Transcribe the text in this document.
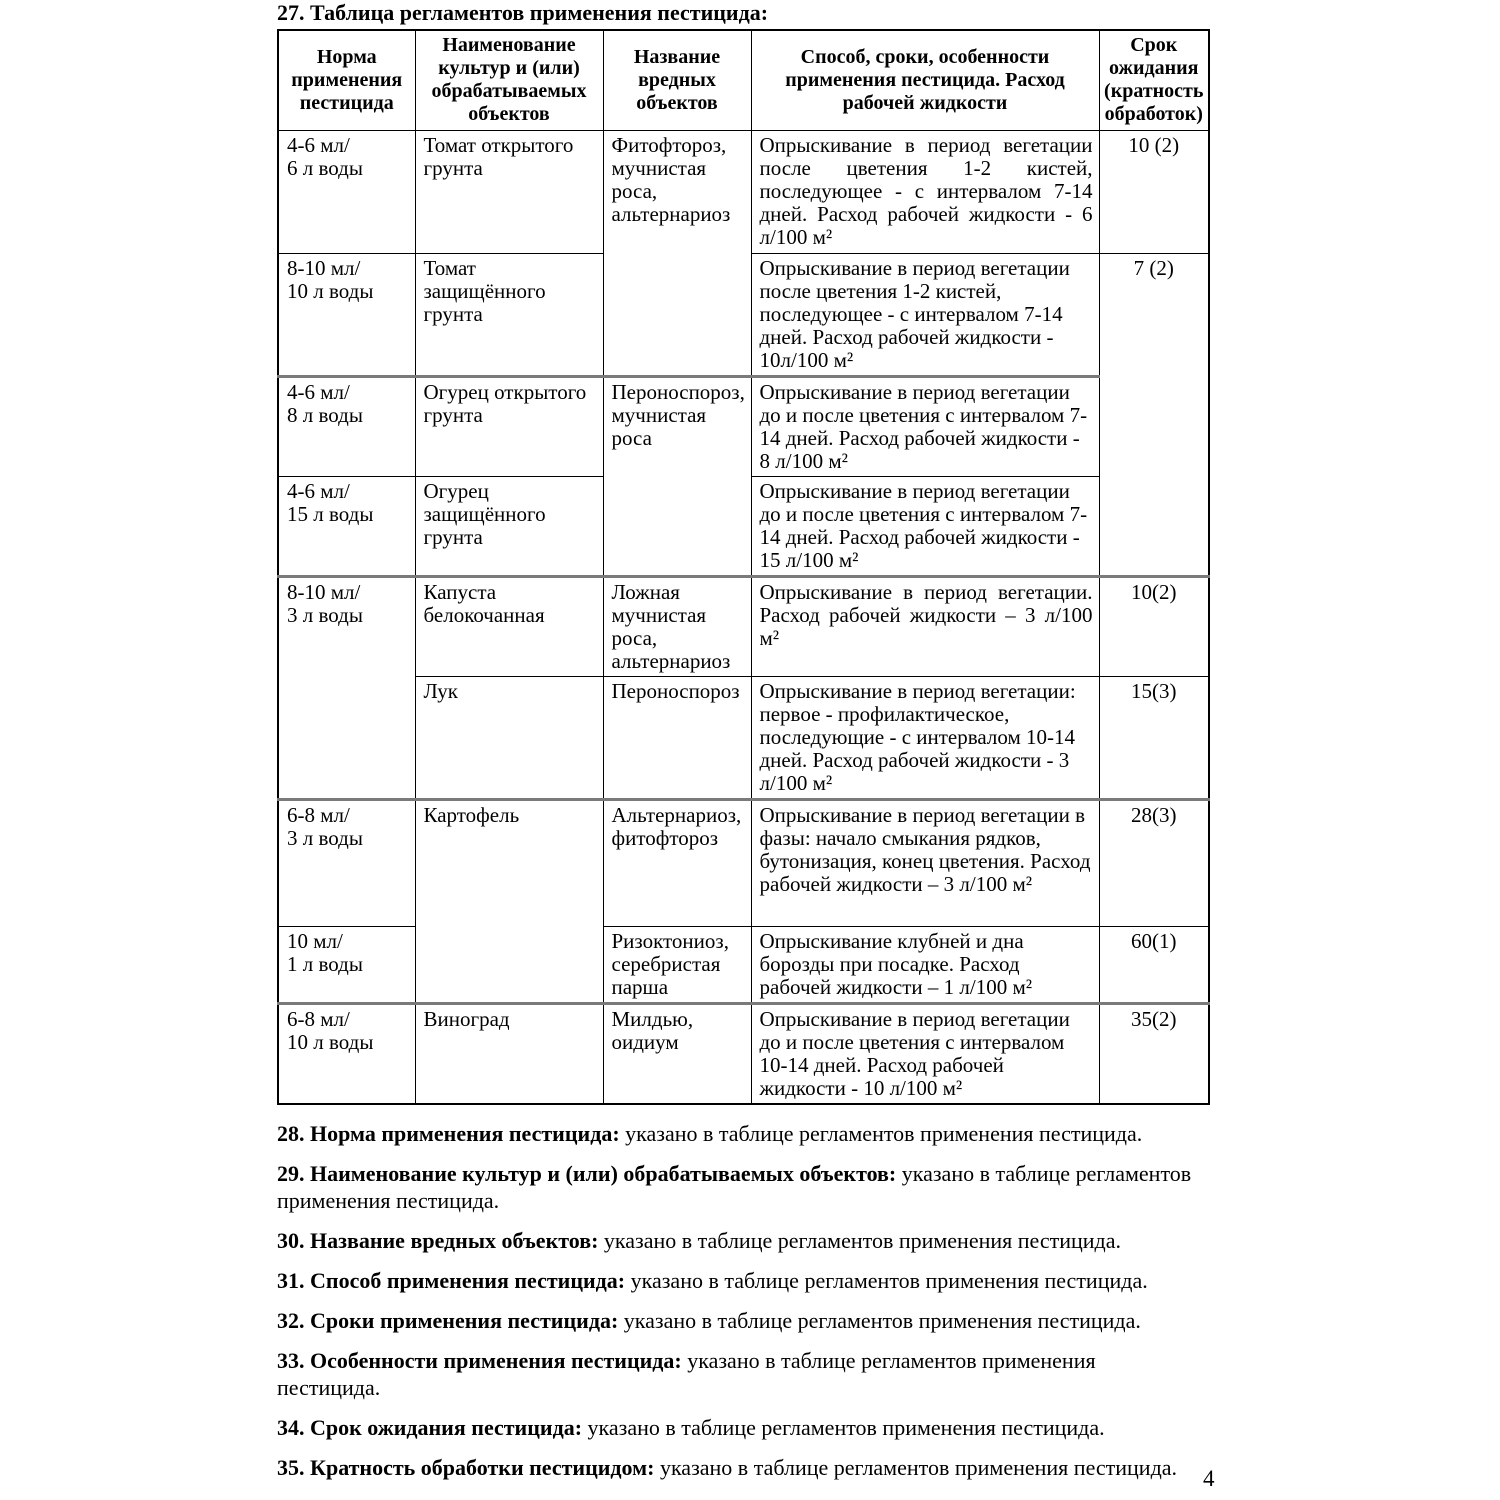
27. Таблица регламентов применения пестицида:

Норма
применения
пестицида	Наименование
культур и (или)
обрабатываемых
объектов	Название
вредных
объектов	Способ, сроки, особенности
применения пестицида. Расход
рабочей жидкости	Срок
ожидания
(кратность
обработок)
4-6 мл/
6 л воды	Томат открытого
грунта	Фитофтороз,
мучнистая
роса,
альтернариоз	Опрыскивание в период вегетации после цветения 1-2 кистей, последующее - с интервалом 7-14 дней. Расход рабочей жидкости - 6 л/100 м²	10 (2)
8-10 мл/
10 л воды	Томат
защищённого
грунта		Опрыскивание в период вегетации после цветения 1-2 кистей, последующее - с интервалом 7-14 дней. Расход рабочей жидкости - 10л/100 м²	7 (2)
4-6 мл/
8 л воды	Огурец открытого
грунта	Пероноспороз,
мучнистая
роса	Опрыскивание в период вегетации до и после цветения с интервалом 7-14 дней. Расход рабочей жидкости - 8 л/100 м²	
4-6 мл/
15 л воды	Огурец
защищённого
грунта		Опрыскивание в период вегетации до и после цветения с интервалом 7-14 дней. Расход рабочей жидкости - 15 л/100 м²	
8-10 мл/
3 л воды	Капуста
белокочанная	Ложная
мучнистая
роса,
альтернариоз	Опрыскивание в период вегетации. Расход рабочей жидкости – 3 л/100 м²	10(2)
	Лук	Пероноспороз	Опрыскивание в период вегетации: первое - профилактическое, последующие - с интервалом 10-14 дней. Расход рабочей жидкости - 3 л/100 м²	15(3)
6-8 мл/
3 л воды	Картофель	Альтернариоз,
фитофтороз	Опрыскивание в период вегетации в фазы: начало смыкания рядков, бутонизация, конец цветения. Расход рабочей жидкости – 3 л/100 м²	28(3)
10 мл/
1 л воды		Ризоктониоз,
серебристая
парша	Опрыскивание клубней и дна борозды при посадке. Расход рабочей жидкости – 1 л/100 м²	60(1)
6-8 мл/
10 л воды	Виноград	Милдью,
оидиум	Опрыскивание в период вегетации до и после цветения с интервалом 10-14 дней. Расход рабочей жидкости - 10 л/100 м²	35(2)

28. Норма применения пестицида: указано в таблице регламентов применения пестицида.

29. Наименование культур и (или) обрабатываемых объектов: указано в таблице регламентов применения пестицида.

30. Название вредных объектов: указано в таблице регламентов применения пестицида.

31. Способ применения пестицида: указано в таблице регламентов применения пестицида.

32. Сроки применения пестицида: указано в таблице регламентов применения пестицида.

33. Особенности применения пестицида: указано в таблице регламентов применения пестицида.

34. Срок ожидания пестицида: указано в таблице регламентов применения пестицида.

35. Кратность обработки пестицидом: указано в таблице регламентов применения пестицида.	4
